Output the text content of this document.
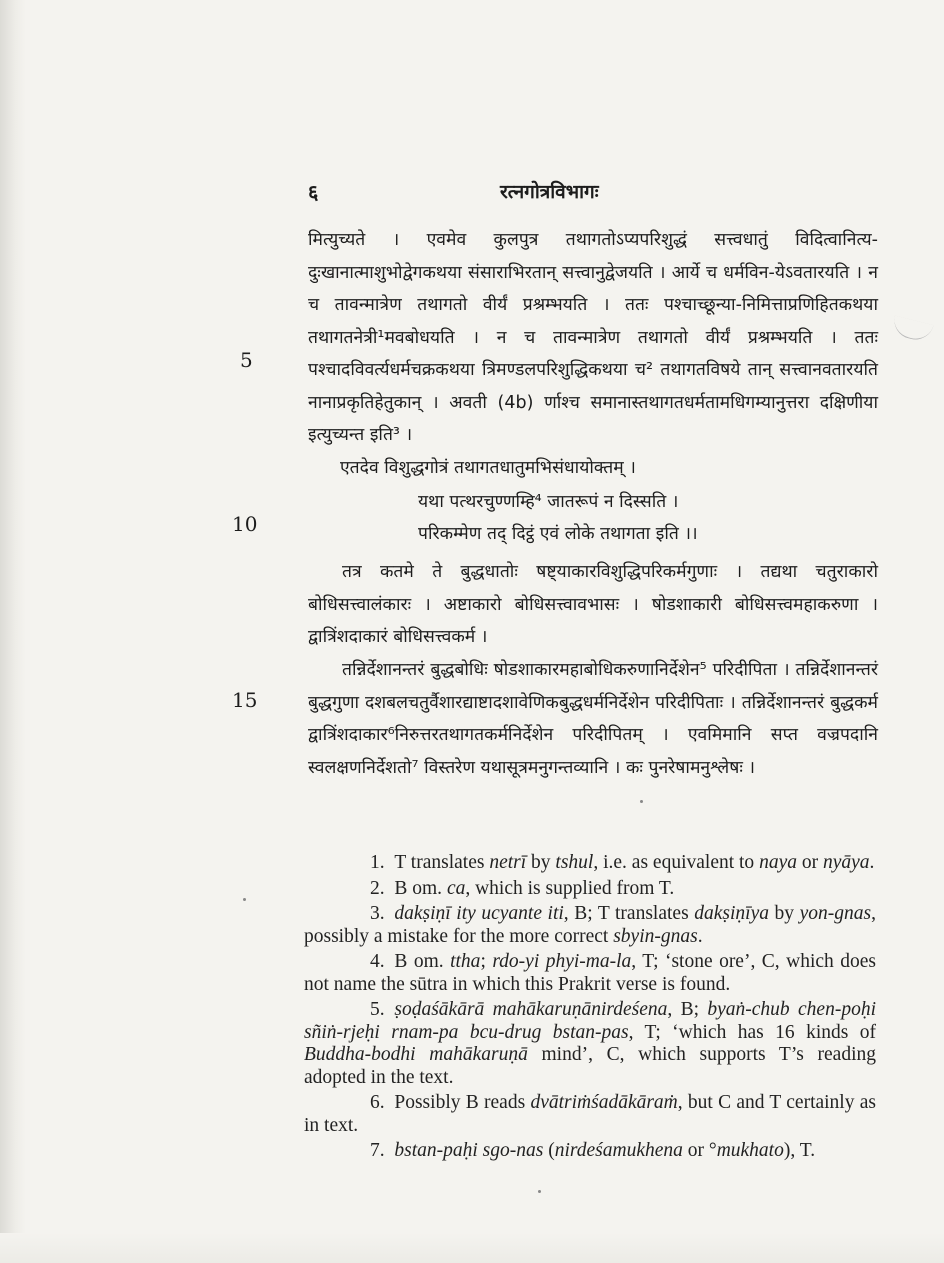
६	रत्नगोत्रविभागः
5
10
15
मित्युच्यते । एवमेव कुलपुत्र तथागतोऽप्यपरिशुद्धं सत्त्वधातुं विदित्वानित्य-दुःखानात्माशुभोद्वेगकथया संसाराभिरतान् सत्त्वानुद्वेजयति । आर्ये च धर्मविन-येऽवतारयति । न च तावन्मात्रेण तथागतो वीर्यं प्रश्रम्भयति । ततः पश्चाच्छून्या-निमित्ताप्रणिहितकथया तथागतनेत्री¹मवबोधयति । न च तावन्मात्रेण तथागतो वीर्यं प्रश्रम्भयति । ततः पश्चादविवर्त्यधर्मचक्रकथया त्रिमण्डलपरिशुद्धिकथया च² तथागतविषये तान् सत्त्वानवतारयति नानाप्रकृतिहेतुकान् । अवती (4b) र्णाश्च समानास्तथागतधर्मतामधिगम्यानुत्तरा दक्षिणीया इत्युच्यन्त इति³ ।
एतदेव विशुद्धगोत्रं तथागतधातुमभिसंधायोक्तम् ।
यथा पत्थरचुण्णम्हि⁴ जातरूपं न दिस्सति ।
परिकम्मेण तद् दिट्ठं एवं लोके तथागता इति ।।
तत्र कतमे ते बुद्धधातोः षष्ट्याकारविशुद्धिपरिकर्मगुणाः । तद्यथा चतुराकारो बोधिसत्त्वालंकारः । अष्टाकारो बोधिसत्त्वावभासः । षोडशाकारी बोधिसत्त्वमहाकरुणा । द्वात्रिंशदाकारं बोधिसत्त्वकर्म ।
तन्निर्देशानन्तरं बुद्धबोधिः षोडशाकारमहाबोधिकरुणानिर्देशेन⁵ परिदीपिता । तन्निर्देशानन्तरं बुद्धगुणा दशबलचतुर्वैशारद्याष्टादशावेणिकबुद्धधर्मनिर्देशेन परिदीपिताः । तन्निर्देशानन्तरं बुद्धकर्म द्वात्रिंशदाकार⁶निरुत्तरतथागतकर्मनिर्देशेन परिदीपितम् । एवमिमानि सप्त वज्रपदानि स्वलक्षणनिर्देशतो⁷ विस्तरेण यथासूत्रमनुगन्तव्यानि । कः पुनरेषामनुश्लेषः ।

1.  T translates netrī by tshul, i.e. as equivalent to naya or nyāya.

2.  B om. ca, which is supplied from T.

3.  dakṣiṇī ity ucyante iti, B; T translates dakṣiṇīya by yon-gnas, possibly a mistake for the more correct sbyin-gnas.

4.  B om. ttha; rdo-yi phyi-ma-la, T; ‘stone ore’, C, which does not name the sūtra in which this Prakrit verse is found.

5.  ṣoḍaśākārā mahākaruṇānirdeśena, B; byaṅ-chub chen-poḥi sñiṅ-rjeḥi rnam-pa bcu-drug bstan-pas, T; ‘which has 16 kinds of Buddha-bodhi mahākaruṇā mind’, C, which supports T’s reading adopted in the text.

6.  Possibly B reads dvātriṁśadākāraṁ, but C and T certainly as in text.

7.  bstan-paḥi sgo-nas (nirdeśamukhena or °mukhato), T.
